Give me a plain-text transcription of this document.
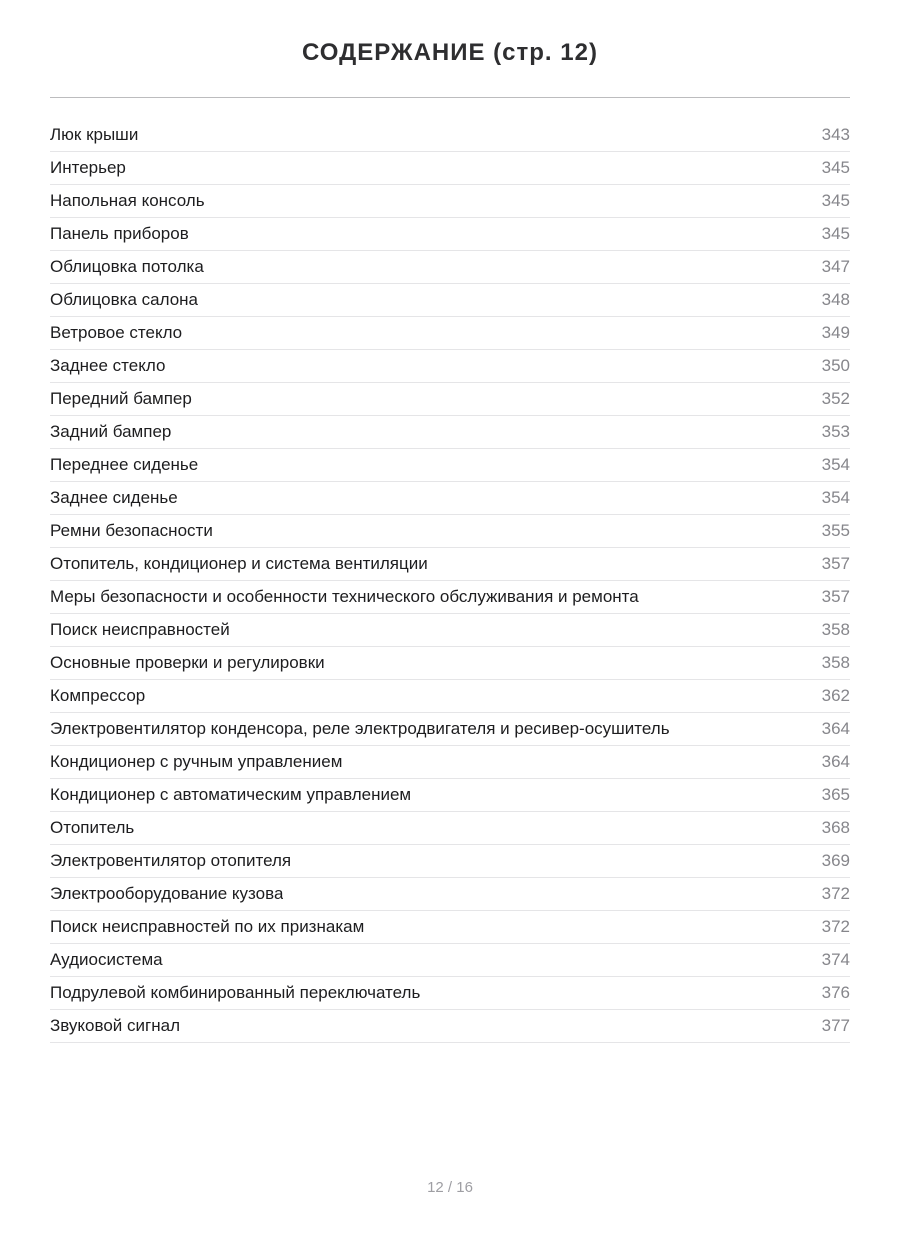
СОДЕРЖАНИЕ (стр. 12)
Люк крыши	343
Интерьер	345
Напольная консоль	345
Панель приборов	345
Облицовка потолка	347
Облицовка салона	348
Ветровое стекло	349
Заднее стекло	350
Передний бампер	352
Задний бампер	353
Переднее сиденье	354
Заднее сиденье	354
Ремни безопасности	355
Отопитель, кондиционер и система вентиляции	357
Меры безопасности и особенности технического обслуживания и ремонта	357
Поиск неисправностей	358
Основные проверки и регулировки	358
Компрессор	362
Электровентилятор конденсора, реле электродвигателя и ресивер-осушитель	364
Кондиционер с ручным управлением	364
Кондиционер с автоматическим управлением	365
Отопитель	368
Электровентилятор отопителя	369
Электрооборудование кузова	372
Поиск неисправностей по их признакам	372
Аудиосистема	374
Подрулевой комбинированный переключатель	376
Звуковой сигнал	377
12 / 16
